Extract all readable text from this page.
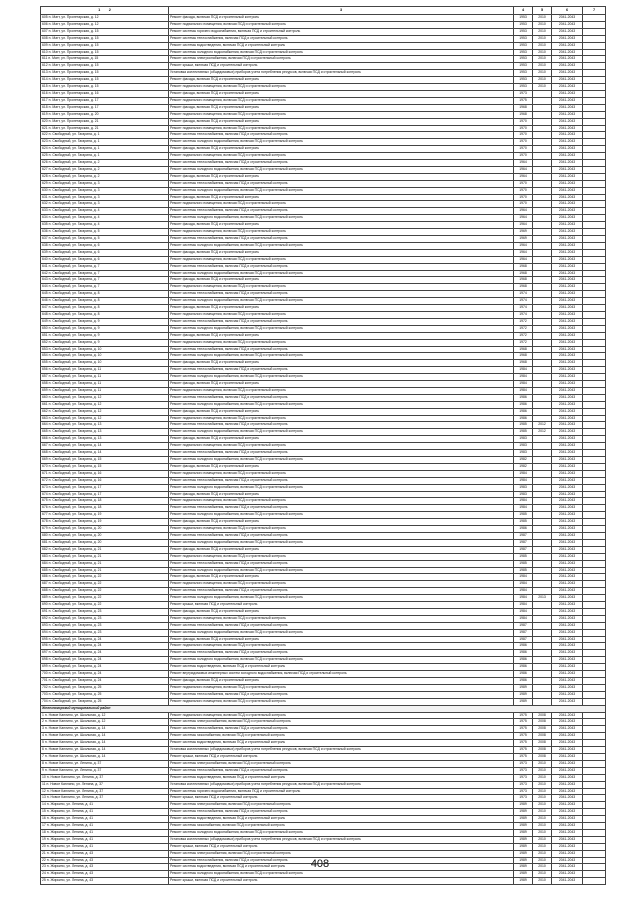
1 2	3	4	5	6	7
605 п. Магт, ул. Пролетарская, д. 12	Ремонт фасада, включая ПСД и строительный контроль	1953	2010	2041-2043	
606 п. Магт, ул. Пролетарская, д. 12	Ремонт подвального помещения, включая ПСД и строительный контроль	1953	2010	2041-2043	
607 п. Магт, ул. Пролетарская, д. 15	Ремонт системы горячего водоснабжения, включая ПСД и строительный контроль	1953	2010	2041-2043	
608 п. Магт, ул. Пролетарская, д. 15	Ремонт системы теплоснабжения, включая ПСД и строительный контроль	1953	2010	2041-2043	
609 п. Магт, ул. Пролетарская, д. 15	Ремонт системы водоотведения, включая ПСД и строительный контроль	1953	2010	2041-2043	
610 п. Магт, ул. Пролетарская, д. 15	Ремонт системы холодного водоснабжения, включая ПСД и строительный контроль	1953	2010	2041-2043	
611 п. Магт, ул. Пролетарская, д. 15	Ремонт системы электроснабжения, включая ПСД и строительный контроль	1953	2010	2041-2043	
612 п. Магт, ул. Пролетарская, д. 15	Ремонт крыши, включая ПСД и строительный контроль	1953	2010	2041-2043	
613 п. Магт, ул. Пролетарская, д. 15	Установка коллективных (общедомовых) приборов учета потребления ресурсов, включая ПСД и строительный контроль	1953	2010	2041-2043	
614 п. Магт, ул. Пролетарская, д. 15	Ремонт фасада, включая ПСД и строительный контроль	1953	2010	2041-2043	
615 п. Магт, ул. Пролетарская, д. 15	Ремонт подвального помещения, включая ПСД и строительный контроль	1953	2010	2041-2043	
616 п. Магт, ул. Пролетарская, д. 16	Ремонт фасада, включая ПСД и строительный контроль	1973		2041-2043	
617 п. Магт, ул. Пролетарская, д. 17	Ремонт подвального помещения, включая ПСД и строительный контроль	1975		2041-2043	
618 п. Магт, ул. Пролетарская, д. 17	Ремонт фасада, включая ПСД и строительный контроль	1968		2041-2043	
619 п. Магт, ул. Пролетарская, д. 20	Ремонт подвального помещения, включая ПСД и строительный контроль	1968		2041-2043	
620 п. Магт, ул. Пролетарская, д. 21	Ремонт фасада, включая ПСД и строительный контроль	1970		2041-2043	
621 п. Магт, ул. Пролетарская, д. 21	Ремонт подвального помещения, включая ПСД и строительный контроль	1970		2041-2043	
622 п. Свободный, ул. Гагарина, д. 1	Ремонт системы теплоснабжения, включая ПСД и строительный контроль	1970		2041-2043	
623 п. Свободный, ул. Гагарина, д. 1	Ремонт системы холодного водоснабжения, включая ПСД и строительный контроль	1970		2041-2043	
624 п. Свободный, ул. Гагарина, д. 1	Ремонт фасада, включая ПСД и строительный контроль	1970		2041-2043	
625 п. Свободный, ул. Гагарина, д. 1	Ремонт подвального помещения, включая ПСД и строительный контроль	1970		2041-2043	
626 п. Свободный, ул. Гагарина, д. 2	Ремонт системы теплоснабжения, включая ПСД и строительный контроль	1964		2041-2043	
627 п. Свободный, ул. Гагарина, д. 2	Ремонт системы холодного водоснабжения, включая ПСД и строительный контроль	1964		2041-2043	
628 п. Свободный, ул. Гагарина, д. 2	Ремонт фасада, включая ПСД и строительный контроль	1964		2041-2043	
629 п. Свободный, ул. Гагарина, д. 3	Ремонт системы теплоснабжения, включая ПСД и строительный контроль	1970		2041-2043	
630 п. Свободный, ул. Гагарина, д. 3	Ремонт системы холодного водоснабжения, включая ПСД и строительный контроль	1970		2041-2043	
631 п. Свободный, ул. Гагарина, д. 3	Ремонт фасада, включая ПСД и строительный контроль	1970		2041-2043	
632 п. Свободный, ул. Гагарина, д. 3	Ремонт подвального помещения, включая ПСД и строительный контроль	1970		2041-2043	
633 п. Свободный, ул. Гагарина, д. 4	Ремонт системы теплоснабжения, включая ПСД и строительный контроль	1964		2041-2043	
634 п. Свободный, ул. Гагарина, д. 4	Ремонт системы холодного водоснабжения, включая ПСД и строительный контроль	1964		2041-2043	
635 п. Свободный, ул. Гагарина, д. 4	Ремонт фасада, включая ПСД и строительный контроль	1964		2041-2043	
636 п. Свободный, ул. Гагарина, д. 5	Ремонт подвального помещения, включая ПСД и строительный контроль	1969		2041-2043	
637 п. Свободный, ул. Гагарина, д. 5	Ремонт системы теплоснабжения, включая ПСД и строительный контроль	1969		2041-2043	
638 п. Свободный, ул. Гагарина, д. 6	Ремонт системы холодного водоснабжения, включая ПСД и строительный контроль	1964		2041-2043	
639 п. Свободный, ул. Гагарина, д. 6	Ремонт фасада, включая ПСД и строительный контроль	1964		2041-2043	
640 п. Свободный, ул. Гагарина, д. 6	Ремонт подвального помещения, включая ПСД и строительный контроль	1964		2041-2043	
641 п. Свободный, ул. Гагарина, д. 7	Ремонт системы теплоснабжения, включая ПСД и строительный контроль	1968		2041-2043	
642 п. Свободный, ул. Гагарина, д. 7	Ремонт системы холодного водоснабжения, включая ПСД и строительный контроль	1968		2041-2043	
643 п. Свободный, ул. Гагарина, д. 7	Ремонт фасада, включая ПСД и строительный контроль	1968		2041-2043	
644 п. Свободный, ул. Гагарина, д. 7	Ремонт подвального помещения, включая ПСД и строительный контроль	1968		2041-2043	
645 п. Свободный, ул. Гагарина, д. 8	Ремонт системы теплоснабжения, включая ПСД и строительный контроль	1974		2041-2043	
646 п. Свободный, ул. Гагарина, д. 8	Ремонт системы холодного водоснабжения, включая ПСД и строительный контроль	1974		2041-2043	
647 п. Свободный, ул. Гагарина, д. 8	Ремонт фасада, включая ПСД и строительный контроль	1974		2041-2043	
648 п. Свободный, ул. Гагарина, д. 8	Ремонт подвального помещения, включая ПСД и строительный контроль	1974		2041-2043	
649 п. Свободный, ул. Гагарина, д. 9	Ремонт системы теплоснабжения, включая ПСД и строительный контроль	1972		2041-2043	
650 п. Свободный, ул. Гагарина, д. 9	Ремонт системы холодного водоснабжения, включая ПСД и строительный контроль	1972		2041-2043	
651 п. Свободный, ул. Гагарина, д. 9	Ремонт фасада, включая ПСД и строительный контроль	1972		2041-2043	
652 п. Свободный, ул. Гагарина, д. 9	Ремонт подвального помещения, включая ПСД и строительный контроль	1972		2041-2043	
653 п. Свободный, ул. Гагарина, д. 10	Ремонт системы теплоснабжения, включая ПСД и строительный контроль	1968		2041-2043	
654 п. Свободный, ул. Гагарина, д. 10	Ремонт системы холодного водоснабжения, включая ПСД и строительный контроль	1968		2041-2043	
655 п. Свободный, ул. Гагарина, д. 10	Ремонт фасада, включая ПСД и строительный контроль	1968		2041-2043	
656 п. Свободный, ул. Гагарина, д. 11	Ремонт системы теплоснабжения, включая ПСД и строительный контроль	1984		2041-2043	
657 п. Свободный, ул. Гагарина, д. 11	Ремонт системы холодного водоснабжения, включая ПСД и строительный контроль	1984		2041-2043	
658 п. Свободный, ул. Гагарина, д. 11	Ремонт фасада, включая ПСД и строительный контроль	1984		2041-2043	
659 п. Свободный, ул. Гагарина, д. 11	Ремонт подвального помещения, включая ПСД и строительный контроль	1984		2041-2043	
660 п. Свободный, ул. Гагарина, д. 12	Ремонт системы теплоснабжения, включая ПСД и строительный контроль	1986		2041-2043	
661 п. Свободный, ул. Гагарина, д. 12	Ремонт системы холодного водоснабжения, включая ПСД и строительный контроль	1986		2041-2043	
662 п. Свободный, ул. Гагарина, д. 12	Ремонт фасада, включая ПСД и строительный контроль	1986		2041-2043	
663 п. Свободный, ул. Гагарина, д. 12	Ремонт подвального помещения, включая ПСД и строительный контроль	1986		2041-2043	
664 п. Свободный, ул. Гагарина, д. 13	Ремонт системы теплоснабжения, включая ПСД и строительный контроль	1985	2012	2041-2043	
665 п. Свободный, ул. Гагарина, д. 13	Ремонт системы холодного водоснабжения, включая ПСД и строительный контроль	1985	2012	2041-2043	
666 п. Свободный, ул. Гагарина, д. 13	Ремонт фасада, включая ПСД и строительный контроль	1983		2041-2043	
667 п. Свободный, ул. Гагарина, д. 14	Ремонт подвального помещения, включая ПСД и строительный контроль	1983		2041-2043	
668 п. Свободный, ул. Гагарина, д. 14	Ремонт системы теплоснабжения, включая ПСД и строительный контроль	1983		2041-2043	
669 п. Свободный, ул. Гагарина, д. 15	Ремонт системы холодного водоснабжения, включая ПСД и строительный контроль	1982		2041-2043	
670 п. Свободный, ул. Гагарина, д. 15	Ремонт фасада, включая ПСД и строительный контроль	1982		2041-2043	
671 п. Свободный, ул. Гагарина, д. 16	Ремонт подвального помещения, включая ПСД и строительный контроль	1984		2041-2043	
672 п. Свободный, ул. Гагарина, д. 16	Ремонт системы теплоснабжения, включая ПСД и строительный контроль	1984		2041-2043	
673 п. Свободный, ул. Гагарина, д. 17	Ремонт системы холодного водоснабжения, включая ПСД и строительный контроль	1983		2041-2043	
674 п. Свободный, ул. Гагарина, д. 17	Ремонт фасада, включая ПСД и строительный контроль	1983		2041-2043	
675 п. Свободный, ул. Гагарина, д. 18	Ремонт подвального помещения, включая ПСД и строительный контроль	1984		2041-2043	
676 п. Свободный, ул. Гагарина, д. 18	Ремонт системы теплоснабжения, включая ПСД и строительный контроль	1984		2041-2043	
677 п. Свободный, ул. Гагарина, д. 19	Ремонт системы холодного водоснабжения, включая ПСД и строительный контроль	1985		2041-2043	
678 п. Свободный, ул. Гагарина, д. 19	Ремонт фасада, включая ПСД и строительный контроль	1985		2041-2043	
679 п. Свободный, ул. Гагарина, д. 20	Ремонт подвального помещения, включая ПСД и строительный контроль	1986		2041-2043	
680 п. Свободный, ул. Гагарина, д. 20	Ремонт системы теплоснабжения, включая ПСД и строительный контроль	1987		2041-2043	
681 п. Свободный, ул. Гагарина, д. 20	Ремонт системы холодного водоснабжения, включая ПСД и строительный контроль	1987		2041-2043	
682 п. Свободный, ул. Гагарина, д. 21	Ремонт фасада, включая ПСД и строительный контроль	1987		2041-2043	
683 п. Свободный, ул. Гагарина, д. 21	Ремонт подвального помещения, включая ПСД и строительный контроль	1985		2041-2043	
684 п. Свободный, ул. Гагарина, д. 21	Ремонт системы теплоснабжения, включая ПСД и строительный контроль	1985		2041-2043	
685 п. Свободный, ул. Гагарина, д. 21	Ремонт системы холодного водоснабжения, включая ПСД и строительный контроль	1985		2041-2043	
686 п. Свободный, ул. Гагарина, д. 22	Ремонт фасада, включая ПСД и строительный контроль	1984		2041-2043	
687 п. Свободный, ул. Гагарина, д. 22	Ремонт подвального помещения, включая ПСД и строительный контроль	1984		2041-2043	
688 п. Свободный, ул. Гагарина, д. 22	Ремонт системы теплоснабжения, включая ПСД и строительный контроль	1984		2041-2043	
689 п. Свободный, ул. Гагарина, д. 22	Ремонт системы холодного водоснабжения, включая ПСД и строительный контроль	1984	2013	2041-2043	
690 п. Свободный, ул. Гагарина, д. 22	Ремонт крыши, включая ПСД и строительный контроль	1984		2041-2043	
691 п. Свободный, ул. Гагарина, д. 23	Ремонт фасада, включая ПСД и строительный контроль	1984		2041-2043	
692 п. Свободный, ул. Гагарина, д. 23	Ремонт подвального помещения, включая ПСД и строительный контроль	1984		2041-2043	
693 п. Свободный, ул. Гагарина, д. 23	Ремонт системы теплоснабжения, включая ПСД и строительный контроль	1987		2041-2043	
694 п. Свободный, ул. Гагарина, д. 23	Ремонт системы холодного водоснабжения, включая ПСД и строительный контроль	1987		2041-2043	
695 п. Свободный, ул. Гагарина, д. 24	Ремонт фасада, включая ПСД и строительный контроль	1987		2041-2043	
696 п. Свободный, ул. Гагарина, д. 24	Ремонт подвального помещения, включая ПСД и строительный контроль	1986		2041-2043	
697 п. Свободный, ул. Гагарина, д. 24	Ремонт системы теплоснабжения, включая ПСД и строительный контроль	1986		2041-2043	
698 п. Свободный, ул. Гагарина, д. 24	Ремонт системы холодного водоснабжения, включая ПСД и строительный контроль	1986		2041-2043	
699 п. Свободный, ул. Гагарина, д. 24	Ремонт системы водоотведения, включая ПСД и строительный контроль	1986		2041-2043	
700 п. Свободный, ул. Гагарина, д. 24	Ремонт внутридомовых инженерных систем холодного водоснабжения, включая ПСД и строительный контроль	1986		2041-2043	
701 п. Свободный, ул. Гагарина, д. 24	Ремонт фасада, включая ПСД и строительный контроль	1986		2041-2043	
702 п. Свободный, ул. Гагарина, д. 25	Ремонт подвального помещения, включая ПСД и строительный контроль	1989		2041-2043	
703 п. Свободный, ул. Гагарина, д. 25	Ремонт системы теплоснабжения, включая ПСД и строительный контроль	1989		2041-2043	
704 п. Свободный, ул. Гагарина, д. 25	Ремонт подвального помещения, включая ПСД и строительный контроль	1989		2041-2043	
Железногорский муниципальный район					
1 п. Новое Каплино, ул. Школьная, д. 12	Ремонт подвального помещения, включая ПСД и строительный контроль	1975	2008	2041-2043	
2 п. Новое Каплино, ул. Школьная, д. 12	Ремонт системы электроснабжения, включая ПСД и строительный контроль	1975	2008	2041-2043	
3 п. Новое Каплино, ул. Школьная, д. 14	Ремонт системы теплоснабжения, включая ПСД и строительный контроль	1975	2008	2041-2043	
4 п. Новое Каплино, ул. Школьная, д. 14	Ремонт системы газоснабжения, включая ПСД и строительный контроль	1975	2008	2041-2043	
5 п. Новое Каплино, ул. Школьная, д. 14	Ремонт системы водоотведения, включая ПСД и строительный контроль	1975	2008	2041-2043	
6 п. Новое Каплино, ул. Школьная, д. 14	Установка коллективных (общедомовых) приборов учета потребления ресурсов, включая ПСД и строительный контроль	1975	2008	2041-2043	
7 п. Новое Каплино, ул. Школьная, д. 14	Ремонт крыши, включая ПСД и строительный контроль	1975	2008	2041-2043	
8 п. Новое Каплино, ул. Ленина, д. 37	Ремонт системы электроснабжения, включая ПСД и строительный контроль	1973	2010	2041-2043	
9 п. Новое Каплино, ул. Ленина, д. 37	Ремонт системы теплоснабжения, включая ПСД и строительный контроль	1973	2010	2041-2043	
10 п. Новое Каплино, ул. Ленина, д. 37	Ремонт системы водоотведения, включая ПСД и строительный контроль	1973	2010	2041-2043	
11 п. Новое Каплино, ул. Ленина, д. 37	Установка коллективных (общедомовых) приборов учета потребления ресурсов, включая ПСД и строительный контроль	1973	2010	2041-2043	
12 п. Новое Каплино, ул. Ленина, д. 37	Ремонт системы горячего водоснабжения, включая ПСД и строительный контроль	1973	2010	2041-2043	
13 п. Новое Каплино, ул. Ленина, д. 37	Ремонт крыши, включая ПСД и строительный контроль	1973	2010	2041-2043	
14 п. Жиркино, ул. Ленина, д. 41	Ремонт системы электроснабжения, включая ПСД и строительный контроль	1989	2010	2041-2043	
15 п. Жиркино, ул. Ленина, д. 41	Ремонт системы теплоснабжения, включая ПСД и строительный контроль	1989	2010	2041-2043	
16 п. Жиркино, ул. Ленина, д. 41	Ремонт системы водоотведения, включая ПСД и строительный контроль	1989	2010	2041-2043	
17 п. Жиркино, ул. Ленина, д. 41	Ремонт системы газоснабжения, включая ПСД и строительный контроль	1989	2010	2041-2043	
18 п. Жиркино, ул. Ленина, д. 41	Ремонт системы холодного водоснабжения, включая ПСД и строительный контроль	1989	2010	2041-2043	
19 п. Жиркино, ул. Ленина, д. 41	Установка коллективных (общедомовых) приборов учета потребления ресурсов, включая ПСД и строительный контроль	1989	2010	2041-2043	
20 п. Жиркино, ул. Ленина, д. 41	Ремонт крыши, включая ПСД и строительный контроль	1989	2010	2041-2043	
21 п. Жиркино, ул. Ленина, д. 43	Ремонт системы электроснабжения, включая ПСД и строительный контроль	1989	2010	2041-2043	
22 п. Жиркино, ул. Ленина, д. 43	Ремонт системы теплоснабжения, включая ПСД и строительный контроль	1989	2010	2041-2043	
23 п. Жиркино, ул. Ленина, д. 43	Ремонт системы водоотведения, включая ПСД и строительный контроль	1989	2010	2041-2043	
24 п. Жиркино, ул. Ленина, д. 43	Ремонт системы холодного водоснабжения, включая ПСД и строительный контроль	1989	2010	2041-2043	
25 п. Жиркино, ул. Ленина, д. 43	Ремонт крыши, включая ПСД и строительный контроль	1989	2010	2041-2043	
408
